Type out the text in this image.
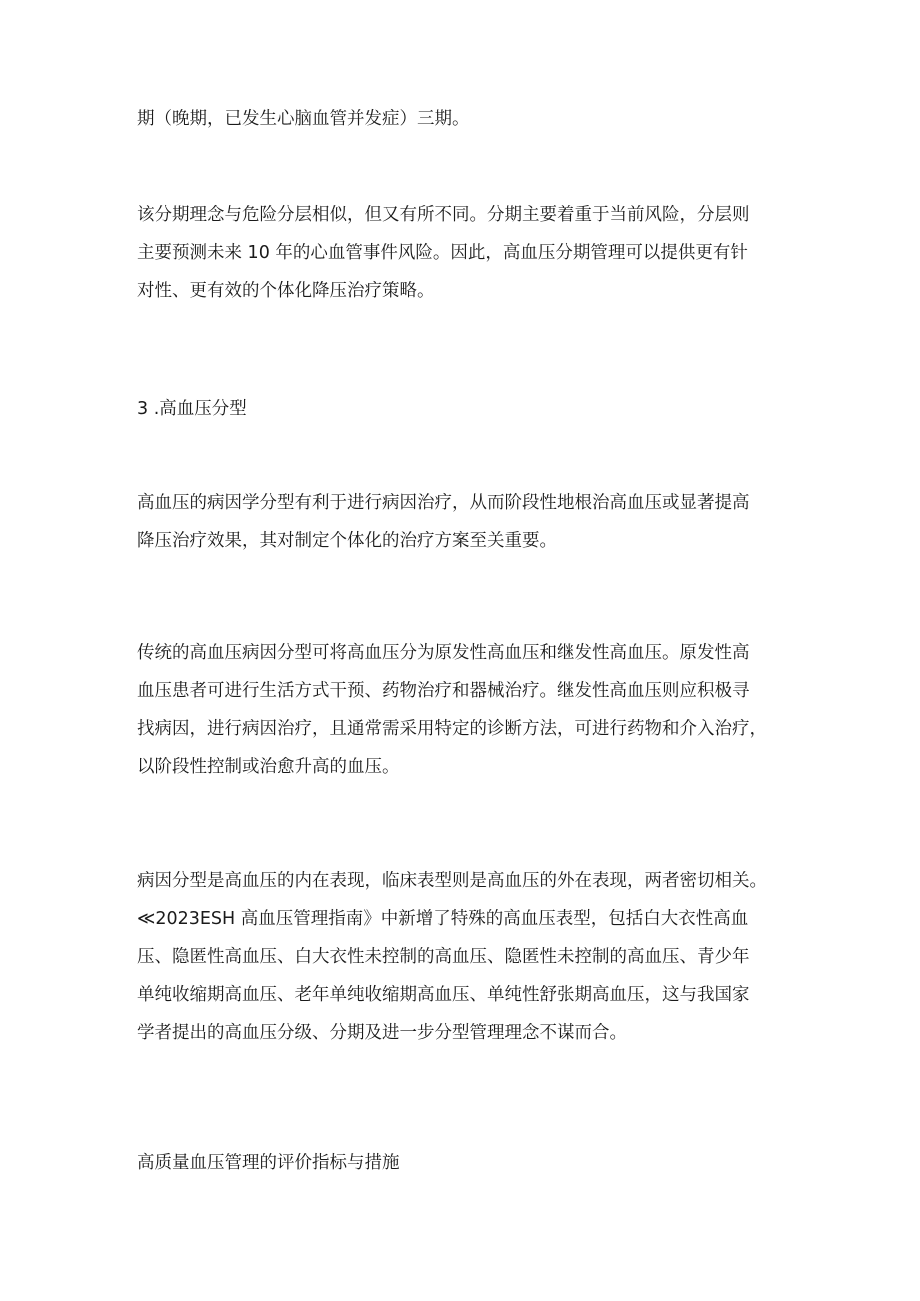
期（晚期，已发生心脑血管并发症）三期。

该分期理念与危险分层相似，但又有所不同。分期主要着重于当前风险，分层则
主要预测未来 10 年的心血管事件风险。因此，高血压分期管理可以提供更有针
对性、更有效的个体化降压治疗策略。

3 .高血压分型

高血压的病因学分型有利于进行病因治疗，从而阶段性地根治高血压或显著提高
降压治疗效果，其对制定个体化的治疗方案至关重要。

传统的高血压病因分型可将高血压分为原发性高血压和继发性高血压。原发性高
血压患者可进行生活方式干预、药物治疗和器械治疗。继发性高血压则应积极寻
找病因，进行病因治疗，且通常需采用特定的诊断方法，可进行药物和介入治疗，
以阶段性控制或治愈升高的血压。

病因分型是高血压的内在表现，临床表型则是高血压的外在表现，两者密切相关。
≪2023ESH 高血压管理指南》中新增了特殊的高血压表型，包括白大衣性高血
压、隐匿性高血压、白大衣性未控制的高血压、隐匿性未控制的高血压、青少年
单纯收缩期高血压、老年单纯收缩期高血压、单纯性舒张期高血压，这与我国家
学者提出的高血压分级、分期及进一步分型管理理念不谋而合。

高质量血压管理的评价指标与措施
